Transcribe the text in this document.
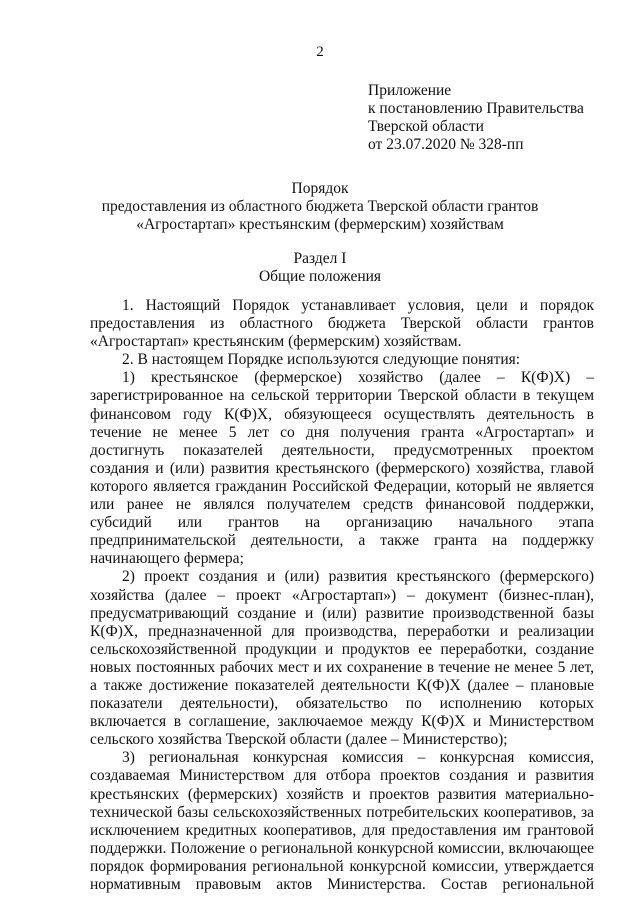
2
Приложение
к постановлению Правительства
Тверской области
от 23.07.2020 № 328-пп
Порядок
предоставления из областного бюджета Тверской области грантов
«Агростартап» крестьянским (фермерским) хозяйствам
Раздел I
Общие положения

1. Настоящий Порядок устанавливает условия, цели и порядок предоставления из областного бюджета Тверской области грантов «Агростартап» крестьянским (фермерским) хозяйствам.

2. В настоящем Порядке используются следующие понятия:

1) крестьянское (фермерское) хозяйство (далее – К(Ф)Х) – зарегистрированное на сельской территории Тверской области в текущем финансовом году К(Ф)Х, обязующееся осуществлять деятельность в течение не менее 5 лет со дня получения гранта «Агростартап» и достигнуть показателей деятельности, предусмотренных проектом создания и (или) развития крестьянского (фермерского) хозяйства, главой которого является гражданин Российской Федерации, который не является или ранее не являлся получателем средств финансовой поддержки, субсидий или грантов на организацию начального этапа предпринимательской деятельности, а также гранта на поддержку начинающего фермера;

2) проект создания и (или) развития крестьянского (фермерского) хозяйства (далее – проект «Агростартап») – документ (бизнес-план), предусматривающий создание и (или) развитие производственной базы К(Ф)Х, предназначенной для производства, переработки и реализации сельскохозяйственной продукции и продуктов ее переработки, создание новых постоянных рабочих мест и их сохранение в течение не менее 5 лет, а также достижение показателей деятельности К(Ф)Х (далее – плановые показатели деятельности), обязательство по исполнению которых включается в соглашение, заключаемое между К(Ф)Х и Министерством сельского хозяйства Тверской области (далее – Министерство);

3) региональная конкурсная комиссия – конкурсная комиссия, создаваемая Министерством для отбора проектов создания и развития крестьянских (фермерских) хозяйств и проектов развития материально-технической базы сельскохозяйственных потребительских кооперативов, за исключением кредитных кооперативов, для предоставления им грантовой поддержки. Положение о региональной конкурсной комиссии, включающее порядок формирования региональной конкурсной комиссии, утверждается нормативным правовым актов Министерства. Состав региональной
